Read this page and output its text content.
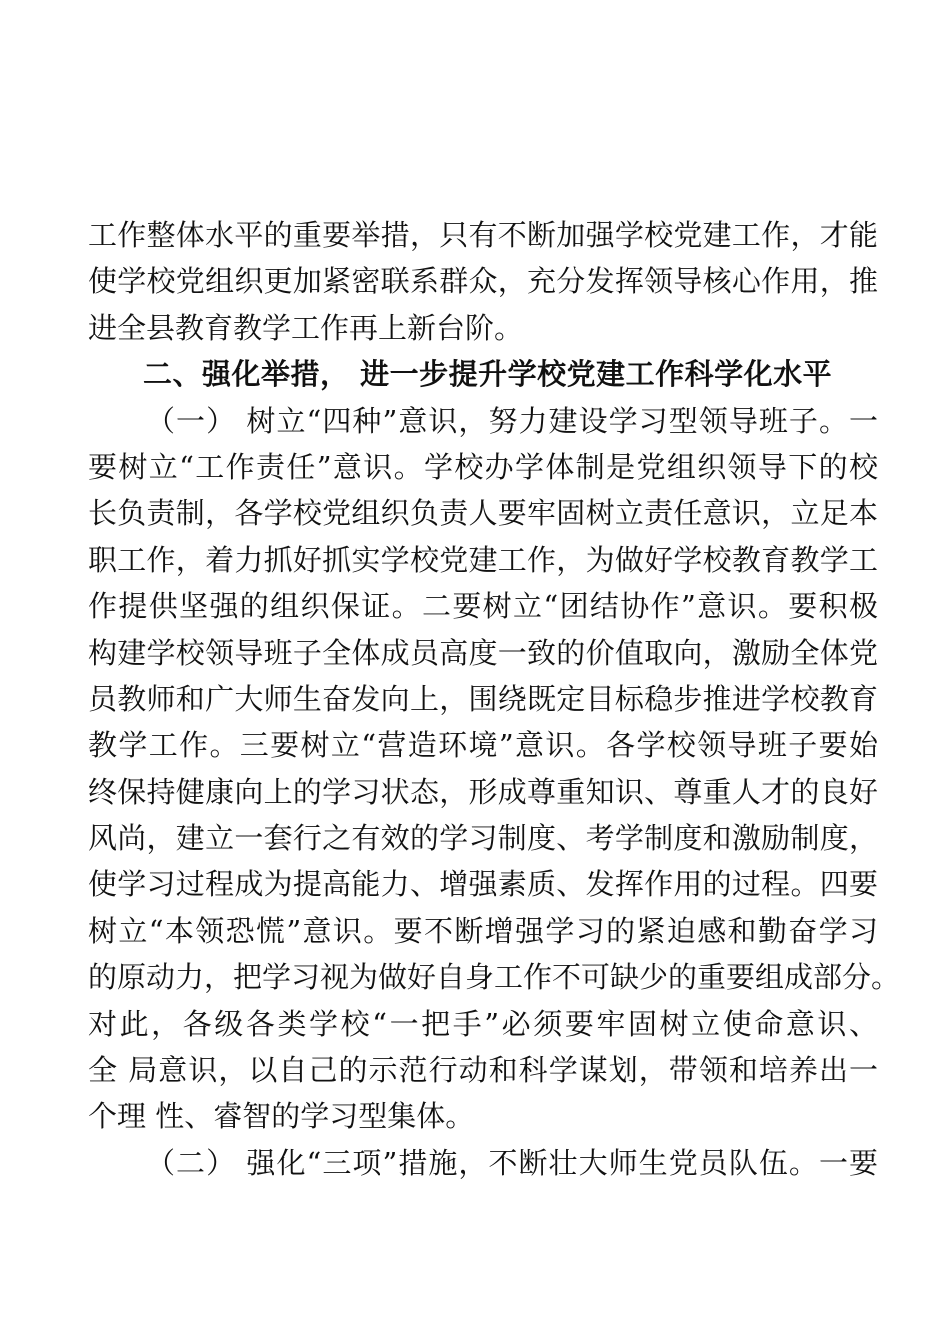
工作整体水平的重要举措，只有不断加强学校党建工作，才能
使学校党组织更加紧密联系群众，充分发挥领导核心作用，推
进全县教育教学工作再上新台阶。
二、强化举措， 进一步提升学校党建工作科学化水平
（一） 树立“四种”意识，努力建设学习型领导班子。一
要树立“工作责任”意识。学校办学体制是党组织领导下的校
长负责制，各学校党组织负责人要牢固树立责任意识，立足本
职工作，着力抓好抓实学校党建工作，为做好学校教育教学工
作提供坚强的组织保证。二要树立“团结协作”意识。要积极
构建学校领导班子全体成员高度一致的价值取向，激励全体党
员教师和广大师生奋发向上，围绕既定目标稳步推进学校教育
教学工作。三要树立“营造环境”意识。各学校领导班子要始
终保持健康向上的学习状态，形成尊重知识、尊重人才的良好
风尚，建立一套行之有效的学习制度、考学制度和激励制度，
使学习过程成为提高能力、增强素质、发挥作用的过程。四要
树立“本领恐慌”意识。要不断增强学习的紧迫感和勤奋学习
的原动力，把学习视为做好自身工作不可缺少的重要组成部分。
对此，各级各类学校“一把手”必须要牢固树立使命意识、
全 局意识，以自己的示范行动和科学谋划，带领和培养出一
个理 性、睿智的学习型集体。
（二） 强化“三项”措施，不断壮大师生党员队伍。一要
